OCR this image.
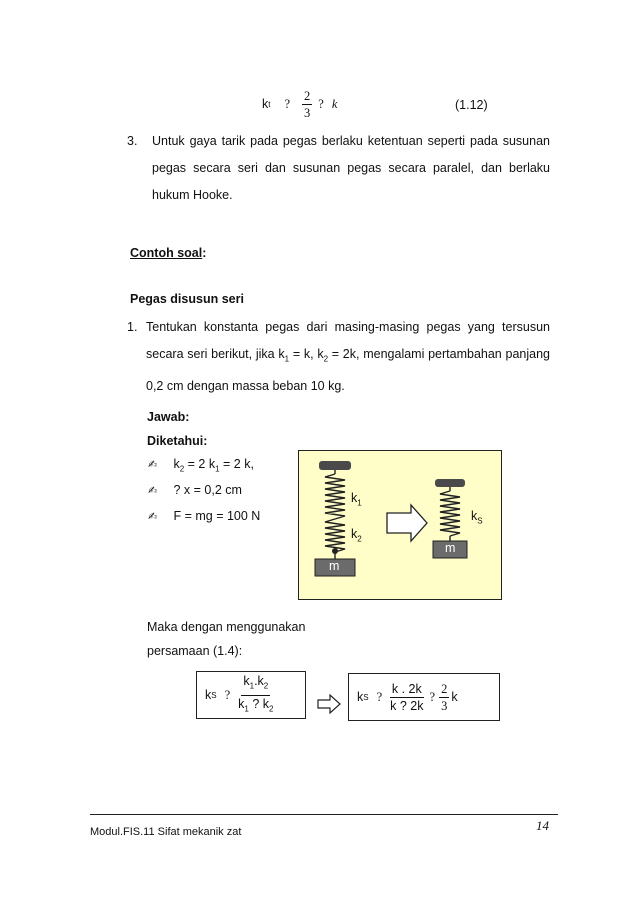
k t ? $\frac{2}{3}$ ? k	(1.12)
3. Untuk gaya tarik pada pegas berlaku ketentuan seperti pada susunan pegas secara seri dan susunan pegas secara paralel, dan berlaku hukum Hooke.
Contoh soal:
Pegas disusun seri
1. Tentukan konstanta pegas dari masing-masing pegas yang tersusun secara seri berikut, jika $k_1 = k$, $k_2 = 2k$, mengalami pertambahan panjang 0,2 cm dengan massa beban 10 kg.
Jawab:
Diketahui:
✍ $k_2 = 2$ $k_1 = 2$ k,
✍ ? x = 0,2 cm
✍ F = mg = 100 N
$k_1$
$k_2$
$k_S$
m
m
Maka dengan menggunakan
persamaan (1.4):
k S ? $\frac{k_1.k_2}{k_1 ? k_2}$	k S ? $\frac{k . 2k}{k ? 2k}$ ? $\frac{2}{3}$ k
Modul.FIS.11 Sifat mekanik zat	14
